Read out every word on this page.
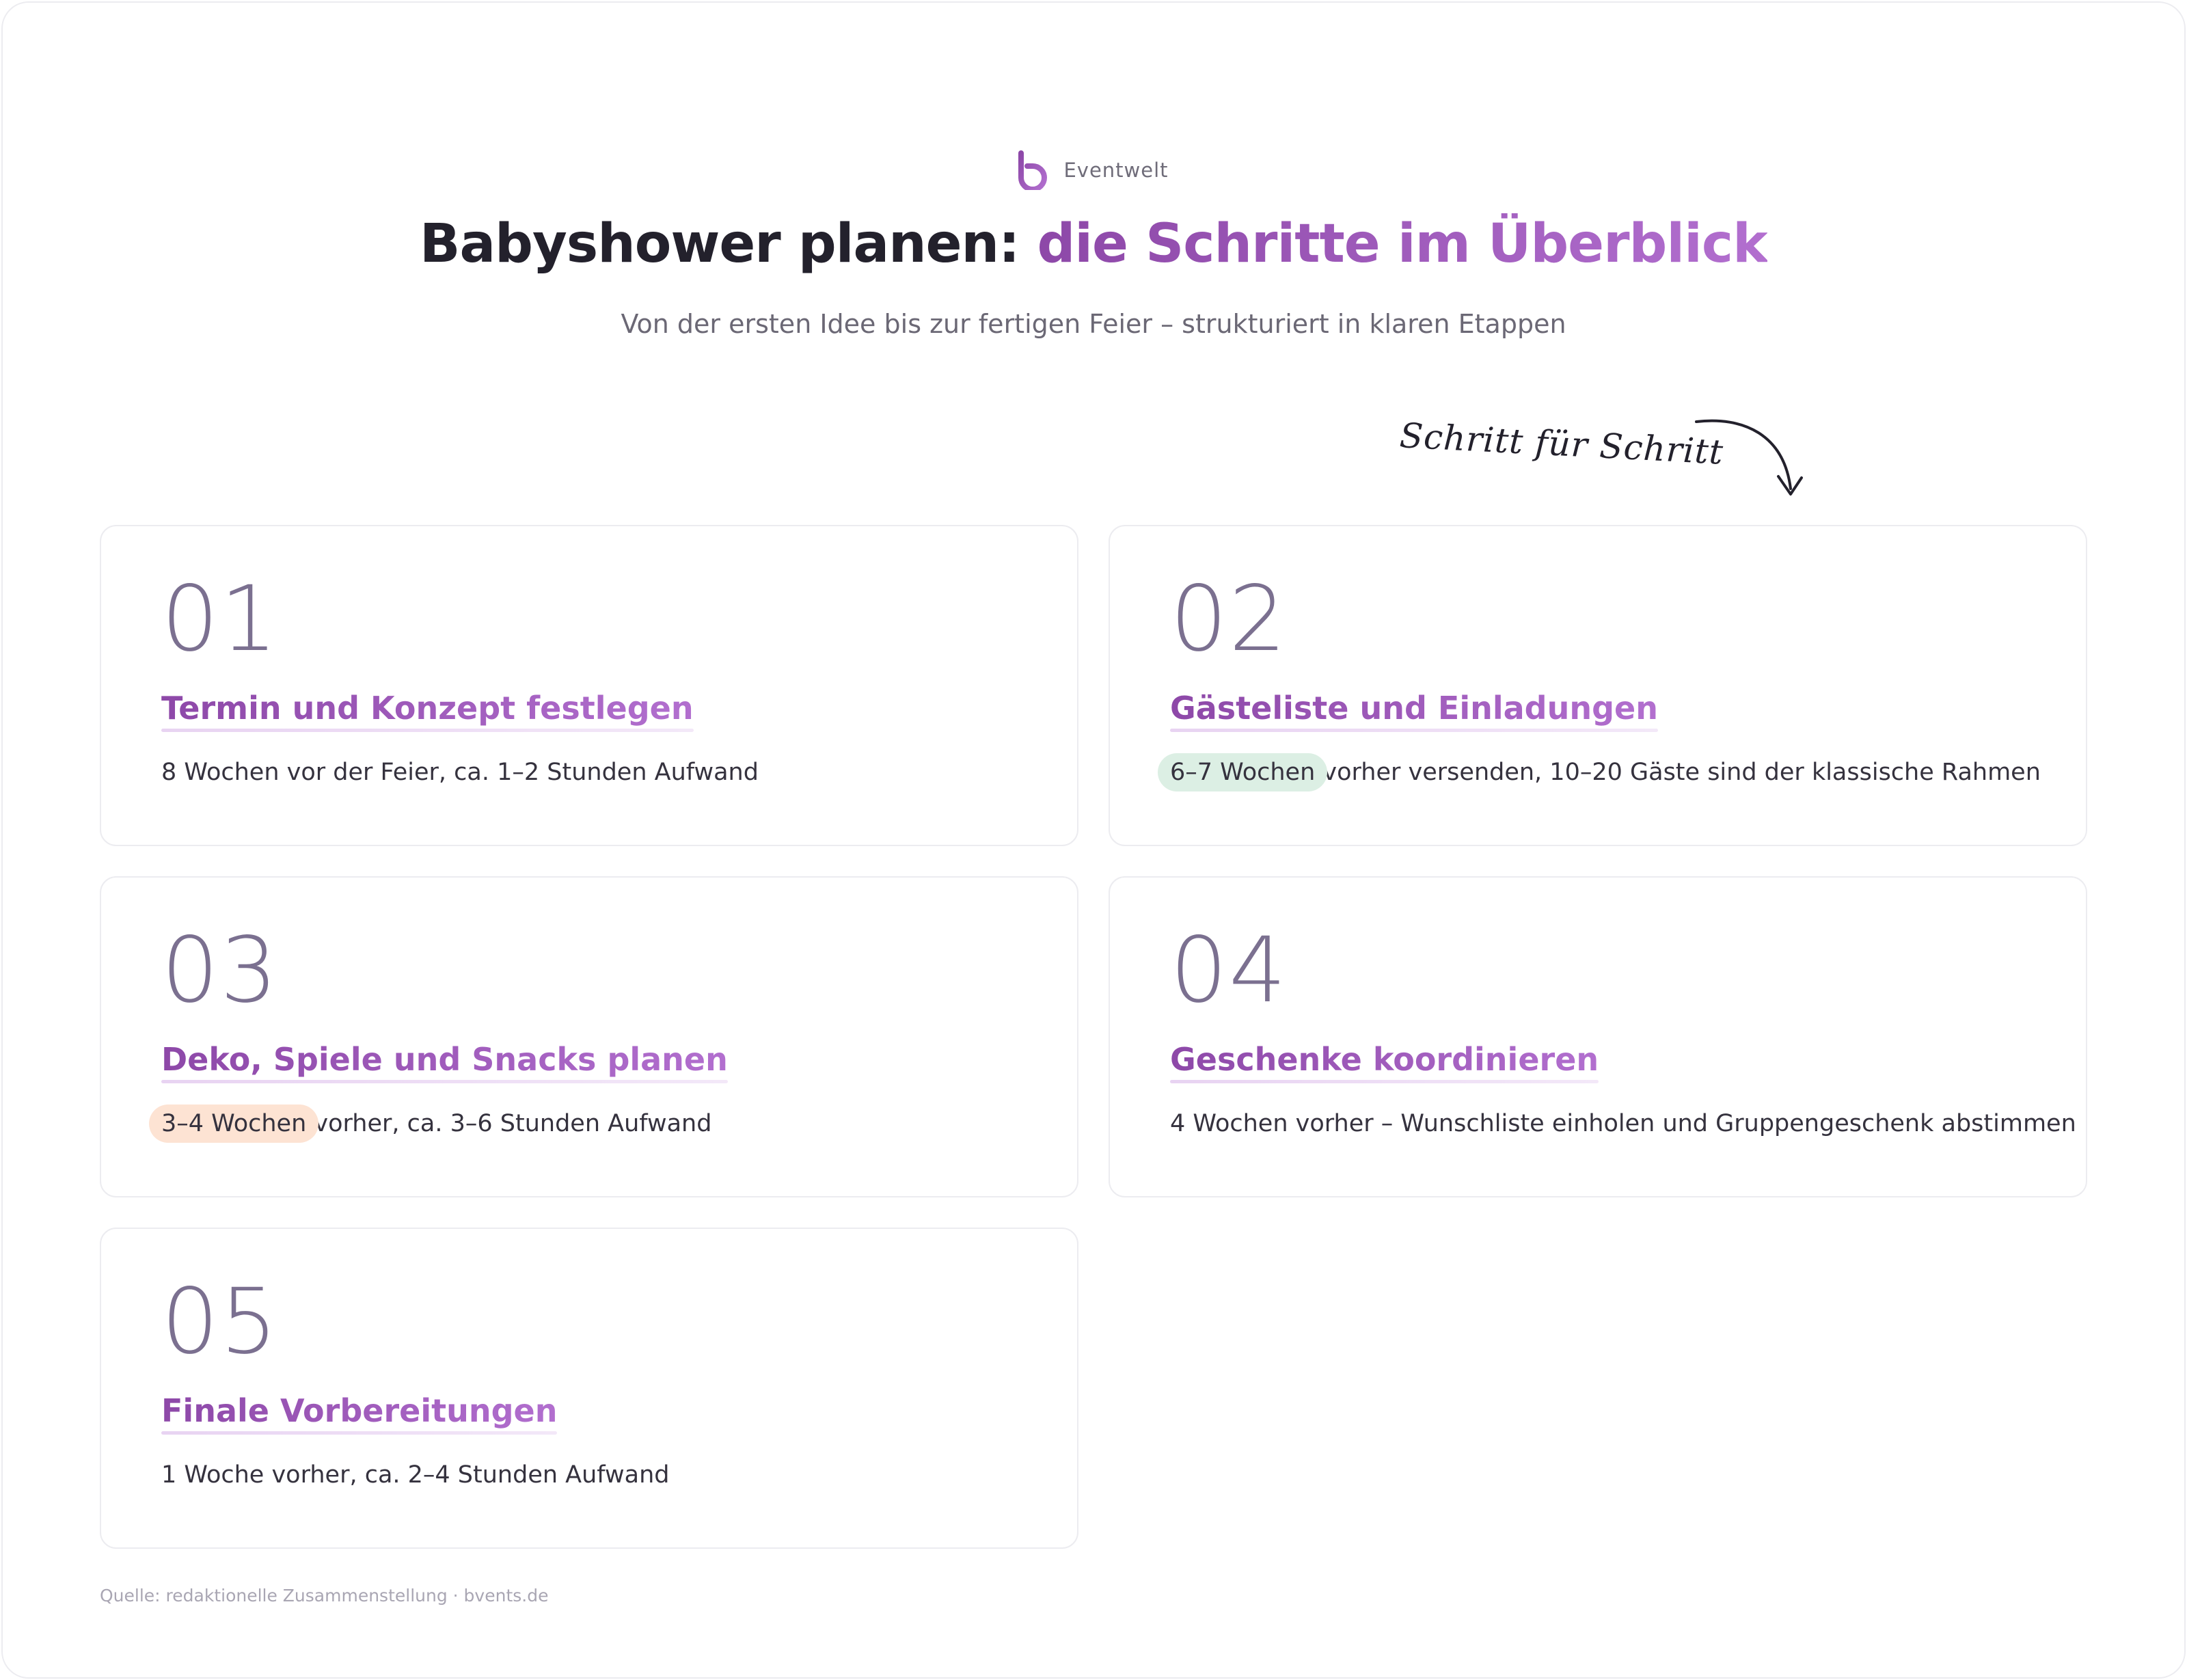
Eventwelt
Babyshower planen: die Schritte im Überblick

Von der ersten Idee bis zur fertigen Feier – strukturiert in klaren Etappen

Schritt für Schritt
01
Termin und Konzept festlegen
8 Wochen vor der Feier, ca. 1–2 Stunden Aufwand
02
Gästeliste und Einladungen
6–7 Wochen vorher versenden, 10–20 Gäste sind der klassische Rahmen
03
Deko, Spiele und Snacks planen
3–4 Wochen vorher, ca. 3–6 Stunden Aufwand
04
Geschenke koordinieren
4 Wochen vorher – Wunschliste einholen und Gruppengeschenk abstimmen
05
Finale Vorbereitungen
1 Woche vorher, ca. 2–4 Stunden Aufwand
Quelle: redaktionelle Zusammenstellung · bvents.de
